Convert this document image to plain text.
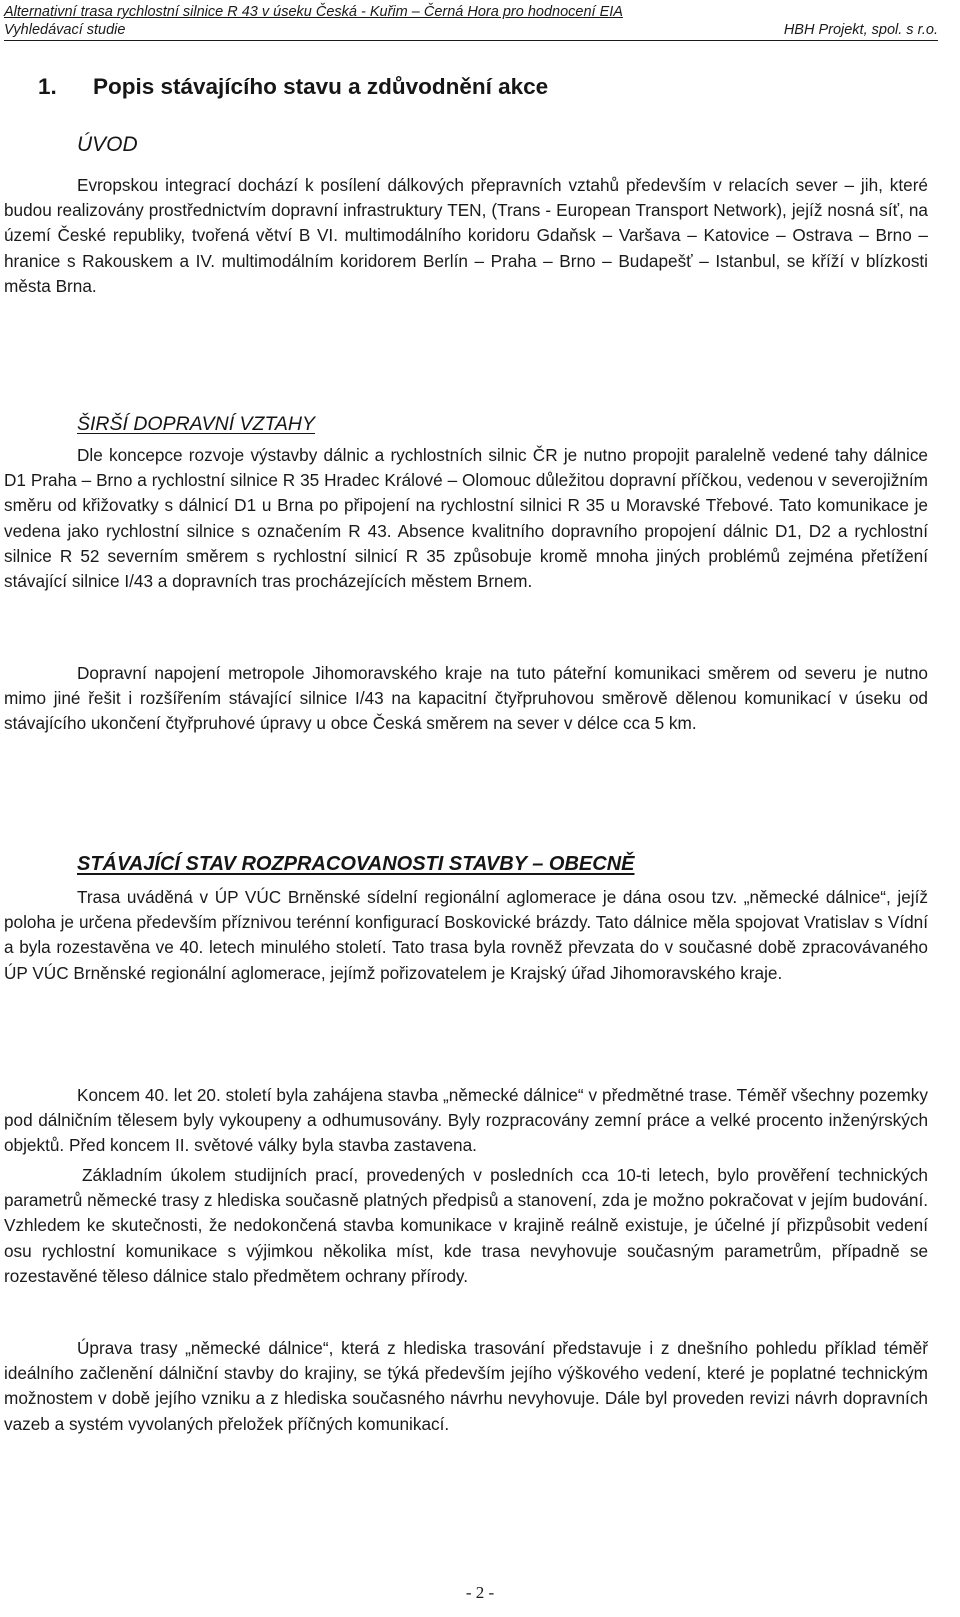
Alternativní trasa rychlostní silnice R 43 v úseku Česká - Kuřim – Černá Hora pro hodnocení EIA
Vyhledávací studie	HBH Projekt, spol. s r.o.
1. Popis stávajícího stavu a zdůvodnění akce
ÚVOD

Evropskou integrací dochází k posílení dálkových přepravních vztahů především v relacích sever – jih, které budou realizovány prostřednictvím dopravní infrastruktury TEN, (Trans - European Transport Network), jejíž nosná síť, na území České republiky, tvořená větví B VI. multimodálního koridoru Gdaňsk – Varšava – Katovice – Ostrava – Brno – hranice s Rakouskem a IV. multimodálním koridorem Berlín – Praha – Brno – Budapešť – Istanbul, se kříží v blízkosti města Brna.

ŠIRŠÍ DOPRAVNÍ VZTAHY

Dle koncepce rozvoje výstavby dálnic a rychlostních silnic ČR je nutno propojit paralelně vedené tahy dálnice D1 Praha – Brno a rychlostní silnice R 35 Hradec Králové – Olomouc důležitou dopravní příčkou, vedenou v severojižním směru od křižovatky s dálnicí D1 u Brna po připojení na rychlostní silnici R 35 u Moravské Třebové. Tato komunikace je vedena jako rychlostní silnice s označením R 43. Absence kvalitního dopravního propojení dálnic D1, D2 a rychlostní silnice R 52 severním směrem s rychlostní silnicí R 35 způsobuje kromě mnoha jiných problémů zejména přetížení stávající silnice I/43 a dopravních tras procházejících městem Brnem.

Dopravní napojení metropole Jihomoravského kraje na tuto páteřní komunikaci směrem od severu je nutno mimo jiné řešit i rozšířením stávající silnice I/43 na kapacitní čtyřpruhovou směrově dělenou komunikací v úseku od stávajícího ukončení čtyřpruhové úpravy u obce Česká směrem na sever v délce cca 5 km.

STÁVAJÍCÍ STAV ROZPRACOVANOSTI STAVBY – OBECNĚ

Trasa uváděná v ÚP VÚC Brněnské sídelní regionální aglomerace je dána osou tzv. „německé dálnice“, jejíž poloha je určena především příznivou terénní konfigurací Boskovické brázdy. Tato dálnice měla spojovat Vratislav s Vídní a byla rozestavěna ve 40. letech minulého století. Tato trasa byla rovněž převzata do v současné době zpracovávaného ÚP VÚC Brněnské regionální aglomerace, jejímž pořizovatelem je Krajský úřad Jihomoravského kraje.

Koncem 40. let 20. století byla zahájena stavba „německé dálnice“ v předmětné trase. Téměř všechny pozemky pod dálničním tělesem byly vykoupeny a odhumusovány. Byly rozpracovány zemní práce a velké procento inženýrských objektů. Před koncem II. světové války byla stavba zastavena.

Základním úkolem studijních prací, provedených v posledních cca 10-ti letech, bylo prověření technických parametrů německé trasy z hlediska současně platných předpisů a stanovení, zda je možno pokračovat v jejím budování. Vzhledem ke skutečnosti, že nedokončená stavba komunikace v krajině reálně existuje, je účelné jí přizpůsobit vedení osu rychlostní komunikace s výjimkou několika míst, kde trasa nevyhovuje současným parametrům, případně se rozestavěné těleso dálnice stalo předmětem ochrany přírody.

Úprava trasy „německé dálnice“, která z hlediska trasování představuje i z dnešního pohledu příklad téměř ideálního začlenění dálniční stavby do krajiny, se týká především jejího výškového vedení, které je poplatné technickým možnostem v době jejího vzniku a z hlediska současného návrhu nevyhovuje. Dále byl proveden revizi návrh dopravních vazeb a systém vyvolaných přeložek příčných komunikací.

- 2 -
